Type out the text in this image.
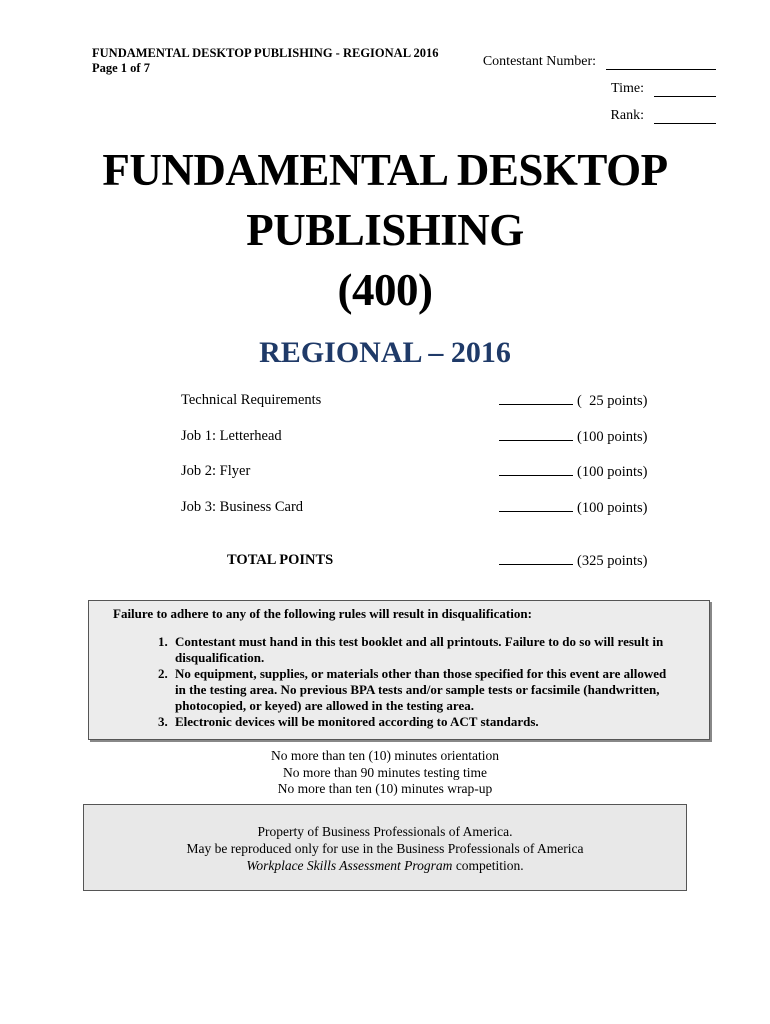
FUNDAMENTAL DESKTOP PUBLISHING - REGIONAL 2016
Page 1 of 7	Contestant Number:
Time:
Rank:
FUNDAMENTAL DESKTOP
PUBLISHING
(400)
REGIONAL – 2016
Technical Requirements	(  25 points)
Job 1: Letterhead	(100 points)
Job 2: Flyer	(100 points)
Job 3: Business Card	(100 points)
TOTAL POINTS	(325 points)
Failure to adhere to any of the following rules will result in disqualification:
1. Contestant must hand in this test booklet and all printouts. Failure to do so will result in disqualification.
2. No equipment, supplies, or materials other than those specified for this event are allowed in the testing area. No previous BPA tests and/or sample tests or facsimile (handwritten, photocopied, or keyed) are allowed in the testing area.
3. Electronic devices will be monitored according to ACT standards.
No more than ten (10) minutes orientation
No more than 90 minutes testing time
No more than ten (10) minutes wrap-up
Property of Business Professionals of America.
May be reproduced only for use in the Business Professionals of America
Workplace Skills Assessment Program competition.
